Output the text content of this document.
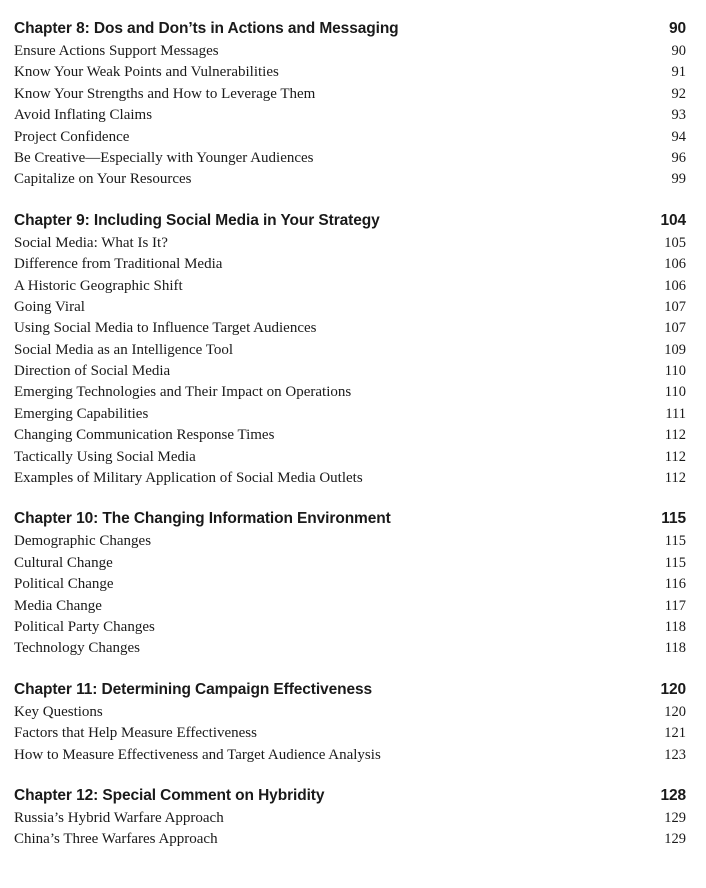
Chapter 8: Dos and Don’ts in Actions and Messaging	90
Ensure Actions Support Messages	90
Know Your Weak Points and Vulnerabilities	91
Know Your Strengths and How to Leverage Them	92
Avoid Inflating Claims	93
Project Confidence	94
Be Creative—Especially with Younger Audiences	96
Capitalize on Your Resources	99
Chapter 9: Including Social Media in Your Strategy	104
Social Media: What Is It?	105
Difference from Traditional Media	106
A Historic Geographic Shift	106
Going Viral	107
Using Social Media to Influence Target Audiences	107
Social Media as an Intelligence Tool	109
Direction of Social Media	110
Emerging Technologies and Their Impact on Operations	110
Emerging Capabilities	111
Changing Communication Response Times	112
Tactically Using Social Media	112
Examples of Military Application of Social Media Outlets	112
Chapter 10: The Changing Information Environment	115
Demographic Changes	115
Cultural Change	115
Political Change	116
Media Change	117
Political Party Changes	118
Technology Changes	118
Chapter 11: Determining Campaign Effectiveness	120
Key Questions	120
Factors that Help Measure Effectiveness	121
How to Measure Effectiveness and Target Audience Analysis	123
Chapter 12: Special Comment on Hybridity	128
Russia’s Hybrid Warfare Approach	129
China’s Three Warfares Approach	129
